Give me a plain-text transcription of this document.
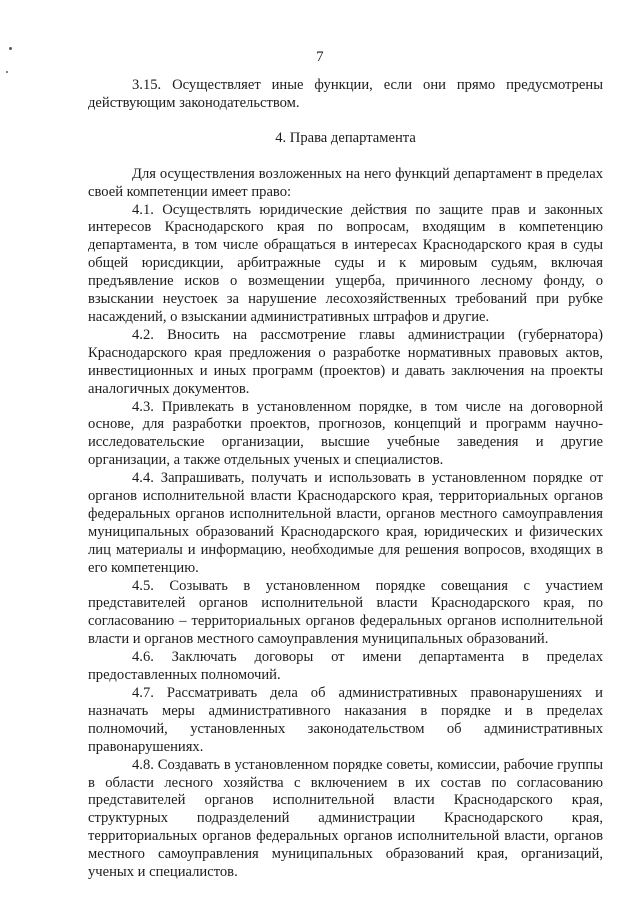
7

3.15. Осуществляет иные функции, если они прямо предусмотрены действующим законодательством.

4. Права департамента

Для осуществления возложенных на него функций департамент в пределах своей компетенции имеет право:

4.1. Осуществлять юридические действия по защите прав и законных интересов Краснодарского края по вопросам, входящим в компетенцию департамента, в том числе обращаться в интересах Краснодарского края в суды общей юрисдикции, арбитражные суды и к мировым судьям, включая предъявление исков о возмещении ущерба, причинного лесному фонду, о взыскании неустоек за нарушение лесохозяйственных требований при рубке насаждений, о взыскании административных штрафов и другие.

4.2. Вносить на рассмотрение главы администрации (губернатора) Краснодарского края предложения о разработке нормативных правовых актов, инвестиционных и иных программ (проектов) и давать заключения на проекты аналогичных документов.

4.3. Привлекать в установленном порядке, в том числе на договорной основе, для разработки проектов, прогнозов, концепций и программ научно-исследовательские организации, высшие учебные заведения и другие организации, а также отдельных ученых и специалистов.

4.4. Запрашивать, получать и использовать в установленном порядке от органов исполнительной власти Краснодарского края, территориальных органов федеральных органов исполнительной власти, органов местного самоуправления муниципальных образований Краснодарского края, юридических и физических лиц материалы и информацию, необходимые для решения вопросов, входящих в его компетенцию.

4.5. Созывать в установленном порядке совещания с участием представителей органов исполнительной власти Краснодарского края, по согласованию – территориальных органов федеральных органов исполнительной власти и органов местного самоуправления муниципальных образований.

4.6. Заключать договоры от имени департамента в пределах предоставленных полномочий.

4.7. Рассматривать дела об административных правонарушениях и назначать меры административного наказания в порядке и в пределах полномочий, установленных законодательством об административных правонарушениях.

4.8. Создавать в установленном порядке советы, комиссии, рабочие группы в области лесного хозяйства с включением в их состав по согласованию представителей органов исполнительной власти Краснодарского края, структурных подразделений администрации Краснодарского края, территориальных органов федеральных органов исполнительной власти, органов местного самоуправления муниципальных образований края, организаций, ученых и специалистов.
